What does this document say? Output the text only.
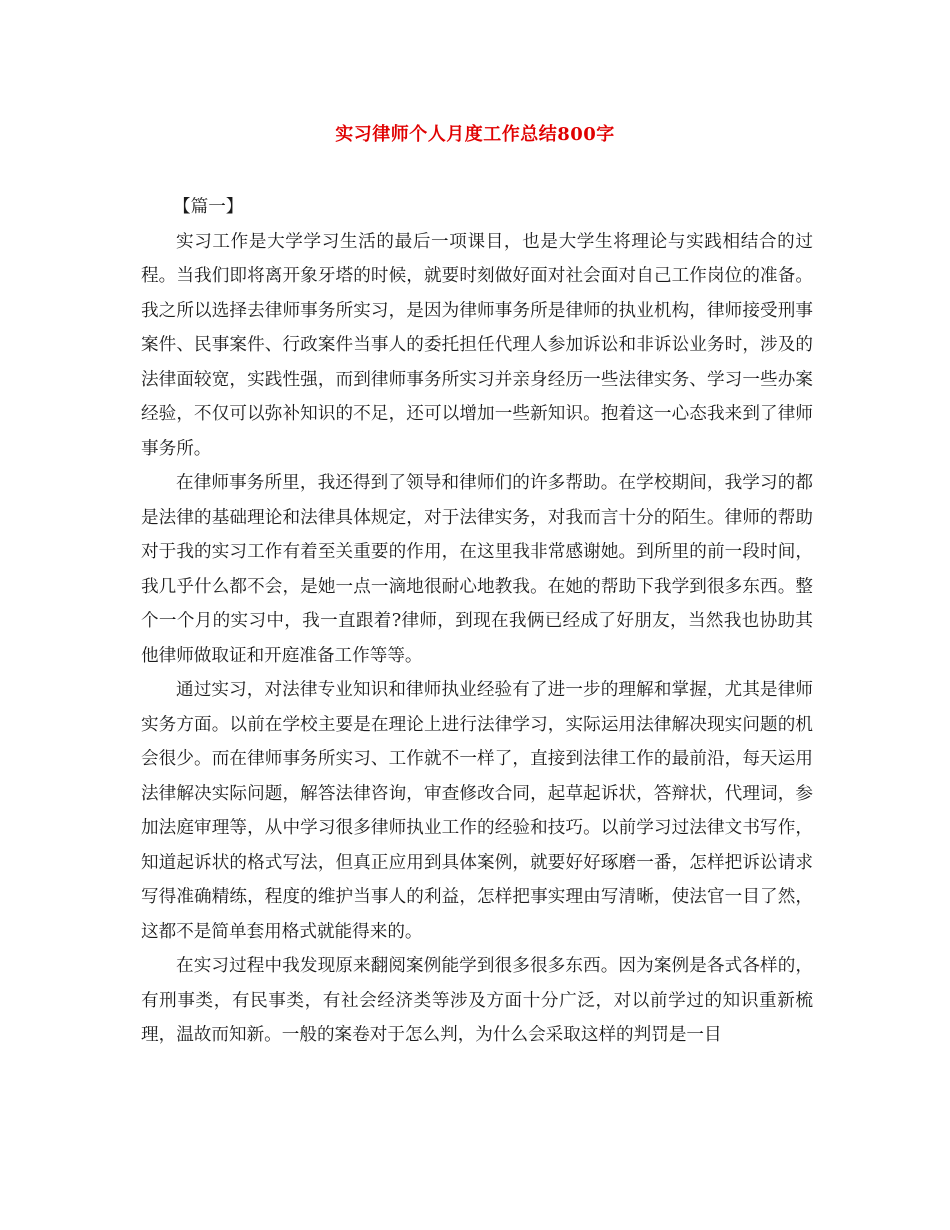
实习律师个人月度工作总结800字

【篇一】

实习工作是大学学习生活的最后一项课目，也是大学生将理论与实践相结合的过程。当我们即将离开象牙塔的时候，就要时刻做好面对社会面对自己工作岗位的准备。我之所以选择去律师事务所实习，是因为律师事务所是律师的执业机构，律师接受刑事案件、民事案件、行政案件当事人的委托担任代理人参加诉讼和非诉讼业务时，涉及的法律面较宽，实践性强，而到律师事务所实习并亲身经历一些法律实务、学习一些办案经验，不仅可以弥补知识的不足，还可以增加一些新知识。抱着这一心态我来到了律师事务所。

在律师事务所里，我还得到了领导和律师们的许多帮助。在学校期间，我学习的都是法律的基础理论和法律具体规定，对于法律实务，对我而言十分的陌生。律师的帮助对于我的实习工作有着至关重要的作用，在这里我非常感谢她。到所里的前一段时间，我几乎什么都不会，是她一点一滴地很耐心地教我。在她的帮助下我学到很多东西。整个一个月的实习中，我一直跟着?律师，到现在我俩已经成了好朋友，当然我也协助其他律师做取证和开庭准备工作等等。

通过实习，对法律专业知识和律师执业经验有了进一步的理解和掌握，尤其是律师实务方面。以前在学校主要是在理论上进行法律学习，实际运用法律解决现实问题的机会很少。而在律师事务所实习、工作就不一样了，直接到法律工作的最前沿，每天运用法律解决实际问题，解答法律咨询，审查修改合同，起草起诉状，答辩状，代理词，参加法庭审理等，从中学习很多律师执业工作的经验和技巧。以前学习过法律文书写作，知道起诉状的格式写法，但真正应用到具体案例，就要好好琢磨一番，怎样把诉讼请求写得准确精练，程度的维护当事人的利益，怎样把事实理由写清晰，使法官一目了然，这都不是简单套用格式就能得来的。

在实习过程中我发现原来翻阅案例能学到很多很多东西。因为案例是各式各样的，有刑事类，有民事类，有社会经济类等涉及方面十分广泛，对以前学过的知识重新梳理，温故而知新。一般的案卷对于怎么判，为什么会采取这样的判罚是一目
